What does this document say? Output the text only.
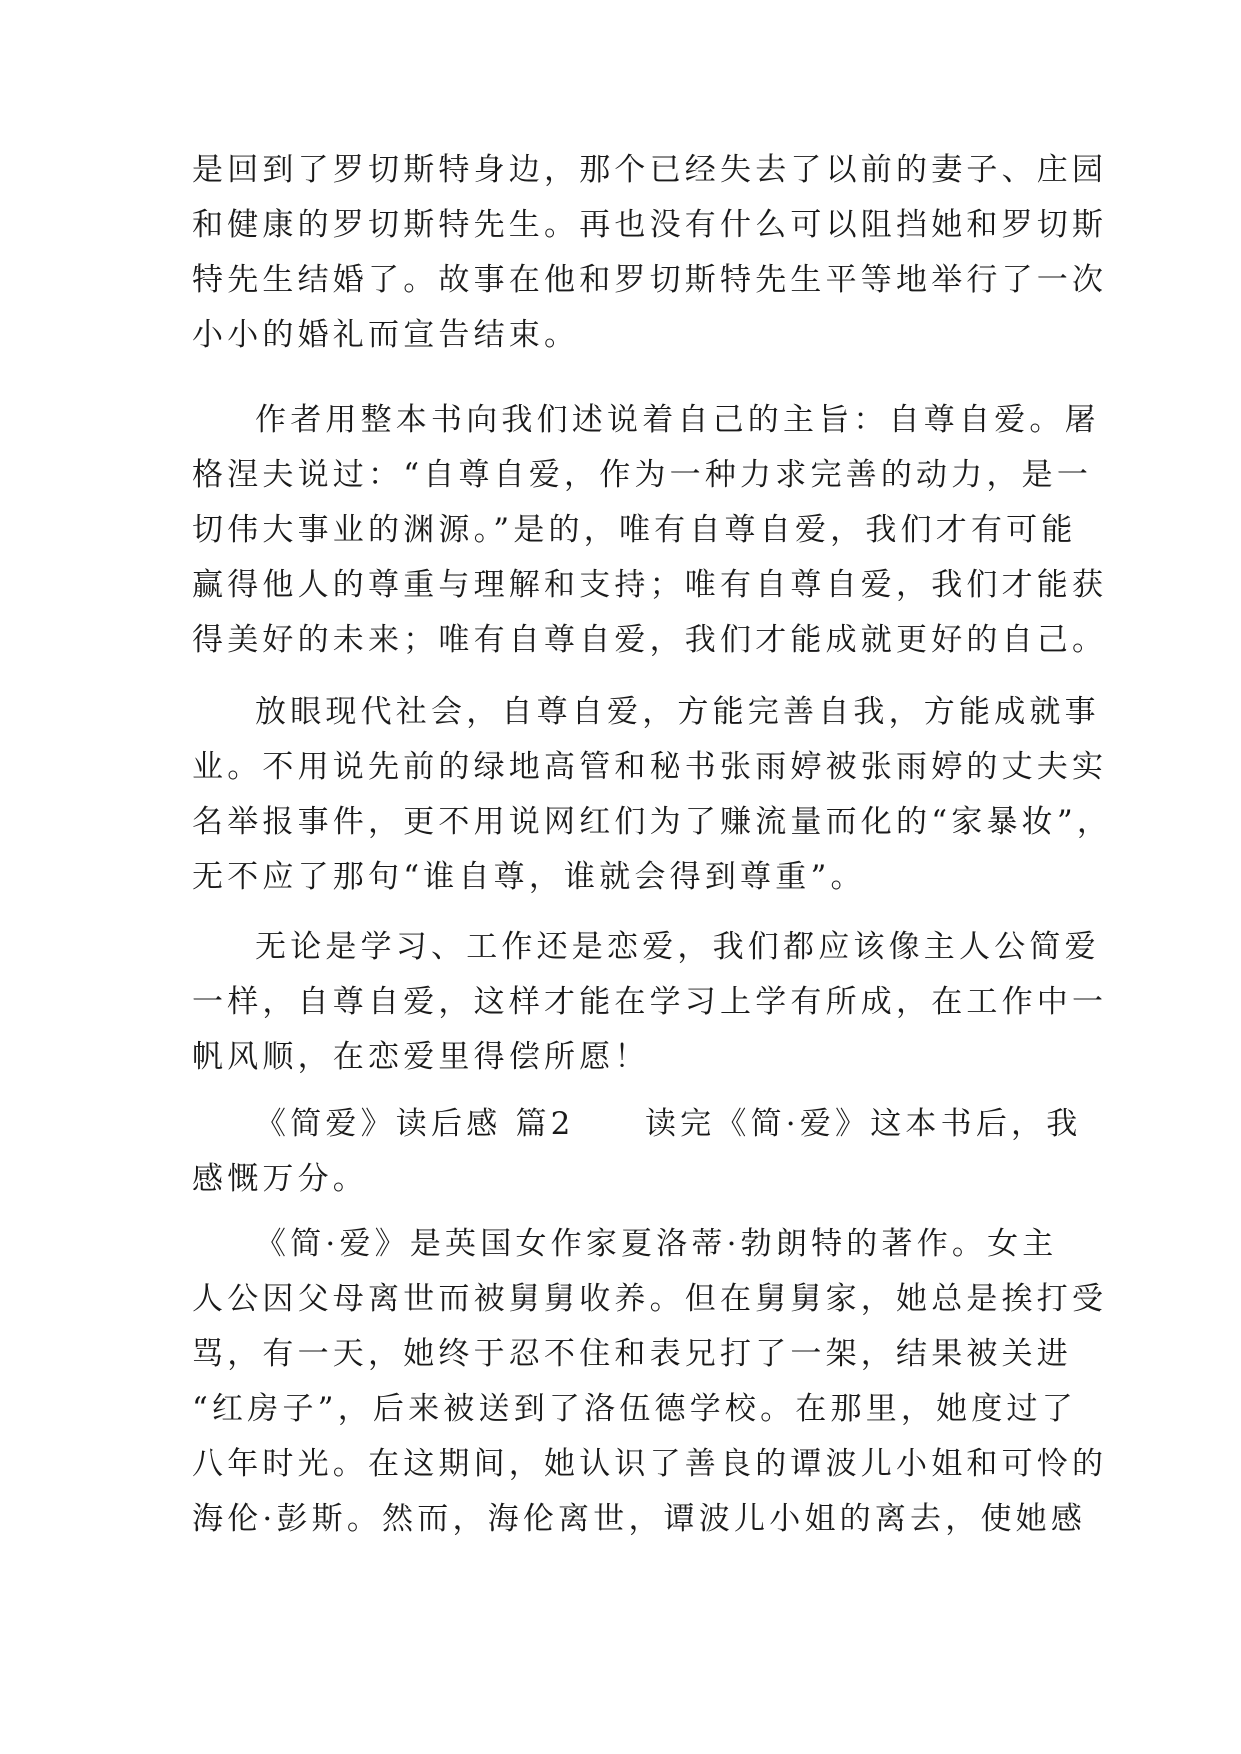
是回到了罗切斯特身边，那个已经失去了以前的妻子、庄园
和健康的罗切斯特先生。再也没有什么可以阻挡她和罗切斯
特先生结婚了。故事在他和罗切斯特先生平等地举行了一次
小小的婚礼而宣告结束。
作者用整本书向我们述说着自己的主旨：自尊自爱。屠
格涅夫说过：“自尊自爱，作为一种力求完善的动力，是一
切伟大事业的渊源。”是的，唯有自尊自爱，我们才有可能
赢得他人的尊重与理解和支持；唯有自尊自爱，我们才能获
得美好的未来；唯有自尊自爱，我们才能成就更好的自己。
放眼现代社会，自尊自爱，方能完善自我，方能成就事
业。不用说先前的绿地高管和秘书张雨婷被张雨婷的丈夫实
名举报事件，更不用说网红们为了赚流量而化的“家暴妆”，
无不应了那句“谁自尊，谁就会得到尊重”。
无论是学习、工作还是恋爱，我们都应该像主人公简爱
一样，自尊自爱，这样才能在学习上学有所成，在工作中一
帆风顺，在恋爱里得偿所愿！
《简爱》读后感 篇2　　读完《简·爱》这本书后，我
感慨万分。
《简·爱》是英国女作家夏洛蒂·勃朗特的著作。女主
人公因父母离世而被舅舅收养。但在舅舅家，她总是挨打受
骂，有一天，她终于忍不住和表兄打了一架，结果被关进
“红房子”，后来被送到了洛伍德学校。在那里，她度过了
八年时光。在这期间，她认识了善良的谭波儿小姐和可怜的
海伦·彭斯。然而，海伦离世，谭波儿小姐的离去，使她感
